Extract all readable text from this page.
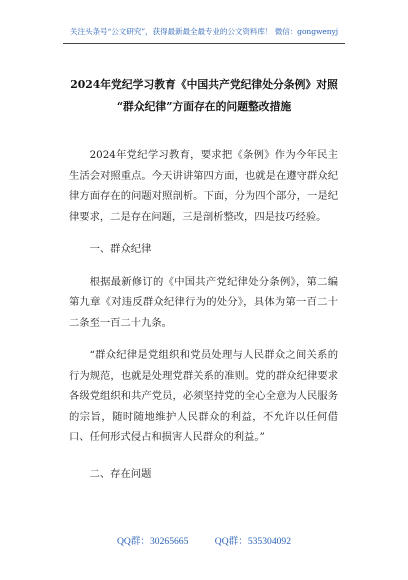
关注头条号“公文研究”，获得最新最全最专业的公文资料库！ 微信：gongwenyj
2024年党纪学习教育《中国共产党纪律处分条例》对照
“群众纪律”方面存在的问题整改措施

2024年党纪学习教育，要求把《条例》作为今年民主生活会对照重点。今天讲讲第四方面，也就是在遵守群众纪律方面存在的问题对照剖析。下面，分为四个部分，一是纪律要求，二是存在问题，三是剖析整改，四是技巧经验。

一、群众纪律

根据最新修订的《中国共产党纪律处分条例》，第二编第九章《对违反群众纪律行为的处分》，具体为第一百二十二条至一百二十九条。

“群众纪律是党组织和党员处理与人民群众之间关系的行为规范，也就是处理党群关系的准则。党的群众纪律要求各级党组织和共产党员，必须坚持党的全心全意为人民服务的宗旨，随时随地维护人民群众的利益，不允许以任何借口、任何形式侵占和损害人民群众的利益。”

二、存在问题
QQ群：30265665	QQ群：535304092
